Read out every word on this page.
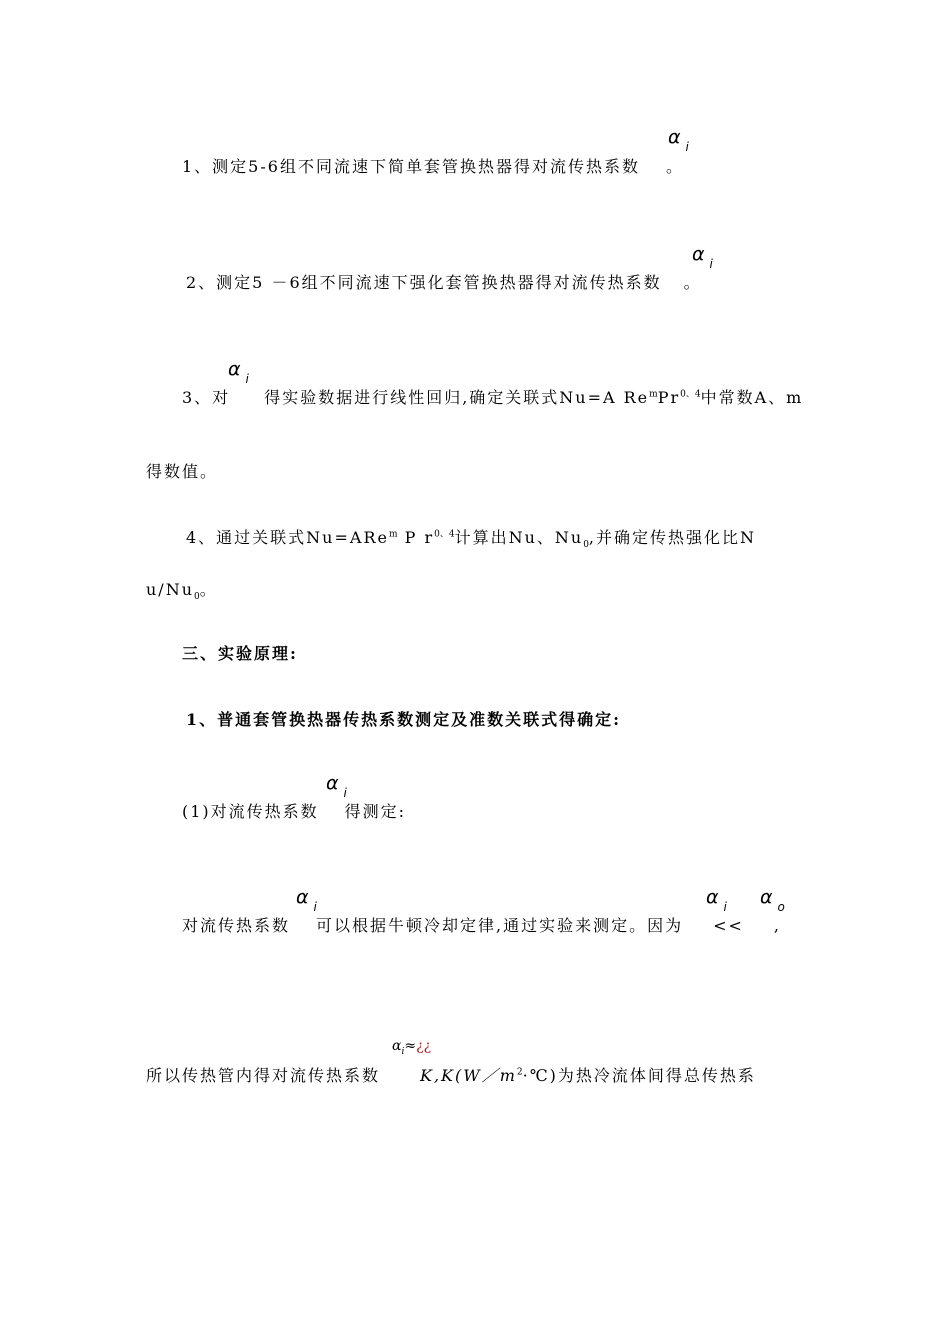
α $_i$
1、测定5-6组不同流速下简单套管换热器得对流传热系数 。
α $_i$
2、测定5 －6组不同流速下强化套管换热器得对流传热系数 。
α $_i$
3、对 得实验数据进行线性回归,确定关联式Nu=A $Re^mPr^{0、4}$中常数A、m
得数值。
4、通过关联式Nu=ARe$^m$ P $r^{0、4}$计算出Nu、$Nu_0$,并确定传热强化比N
$u/Nu_0$。
三、实验原理:
1、普通套管换热器传热系数测定及准数关联式得确定:
α $_i$
(1)对流传热系数 得测定:
α $_i$	α $_i$ α $_o$
对流传热系数 可以根据牛顿冷却定律,通过实验来测定。因为 << ,
$\alpha_i\approx¿¿$
所以传热管内得对流传热系数	$K,K(W/m^2\cdot℃)$为热冷流体间得总传热系
